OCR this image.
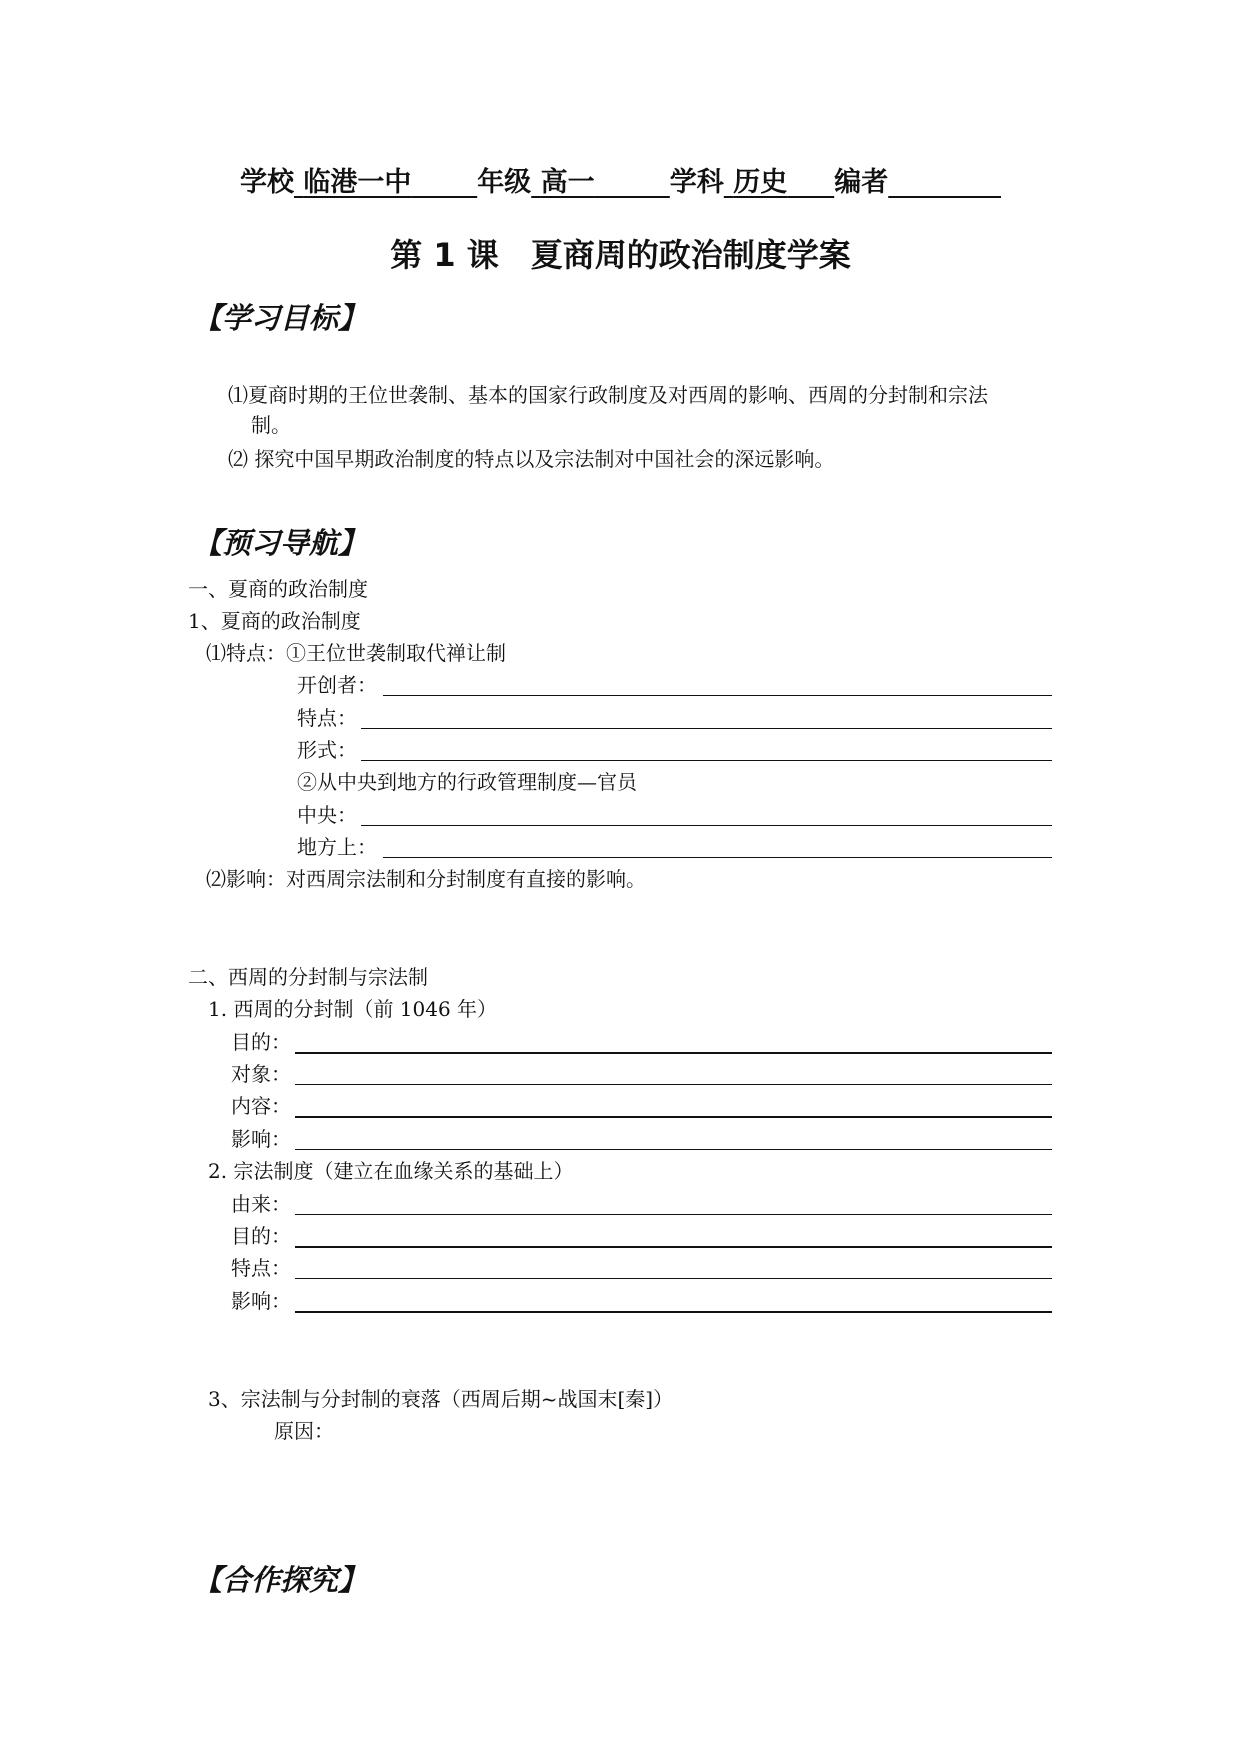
学校 临港一中 年级 高一	学科 历史 编者
第 1 课　夏商周的政治制度学案
【学习目标】
⑴夏商时期的王位世袭制、基本的国家行政制度及对西周的影响、西周的分封制和宗法
制。
⑵ 探究中国早期政治制度的特点以及宗法制对中国社会的深远影响。
【预习导航】
一、夏商的政治制度
1、夏商的政治制度
⑴特点：①王位世袭制取代禅让制
开创者：
特点：
形式：
②从中央到地方的行政管理制度—官员
中央：
地方上：
⑵影响：对西周宗法制和分封制度有直接的影响。
二、西周的分封制与宗法制
1. 西周的分封制（前 1046 年）
目的：
对象：
内容：
影响：
2. 宗法制度（建立在血缘关系的基础上）
由来：
目的：
特点：
影响：
3、宗法制与分封制的衰落（西周后期~战国末[秦]）
原因：
【合作探究】
